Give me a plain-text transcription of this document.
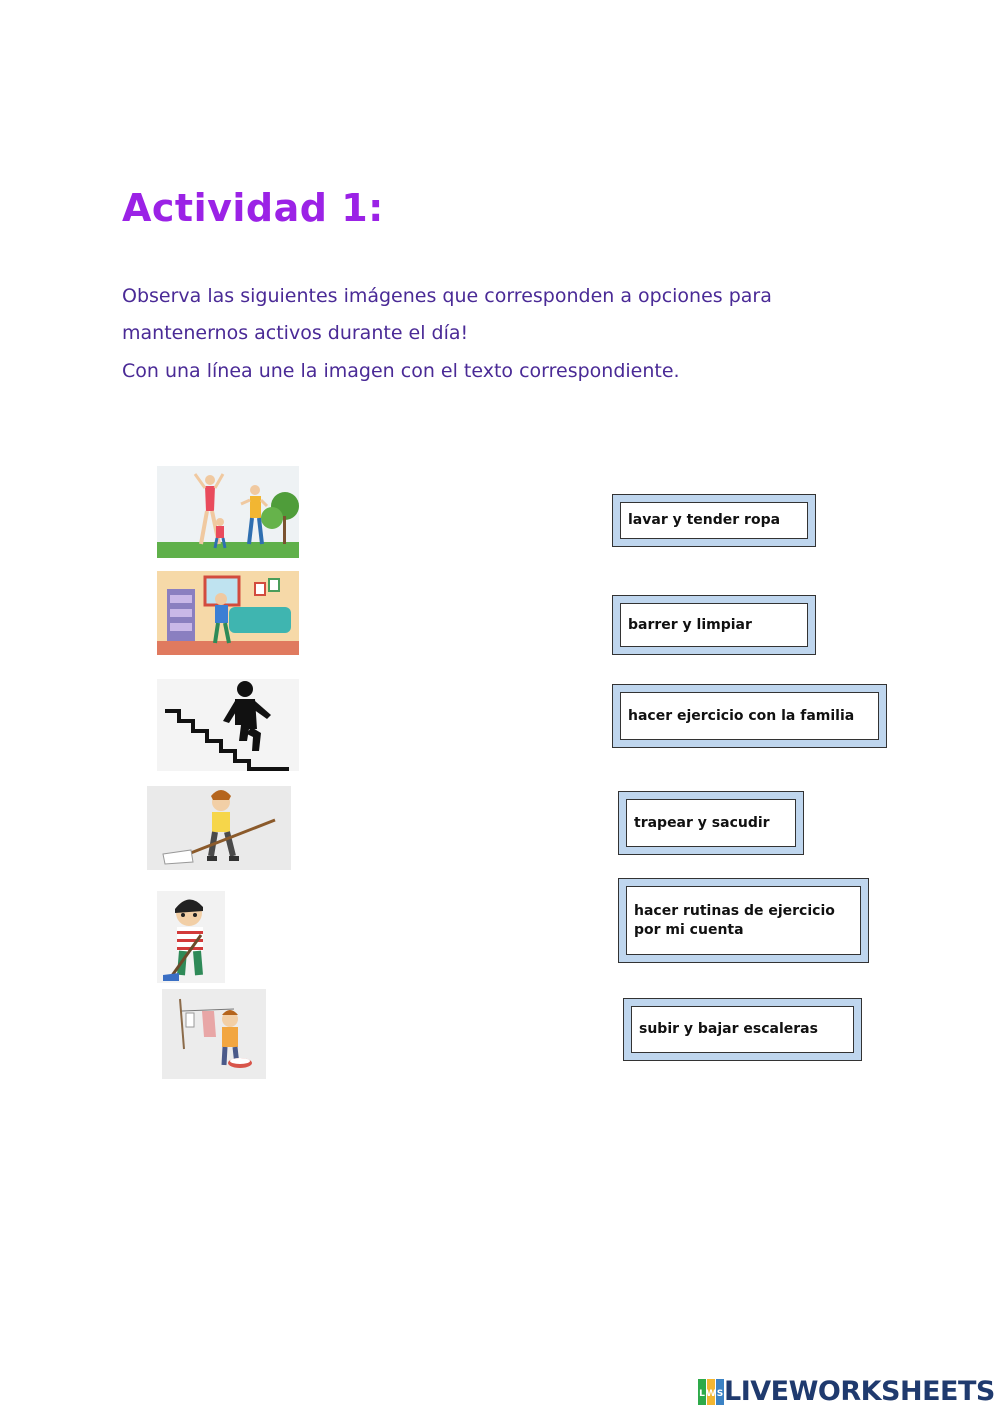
Actividad 1:
Observa las siguientes imágenes que corresponden a opciones para
mantenernos activos durante el día!
Con una línea une la imagen con el texto correspondiente.
lavar y tender ropa
barrer y limpiar
hacer ejercicio con la familia
trapear y sacudir
hacer rutinas de ejercicio
por mi cuenta
subir y bajar escaleras
L W S LIVEWORKSHEETS
